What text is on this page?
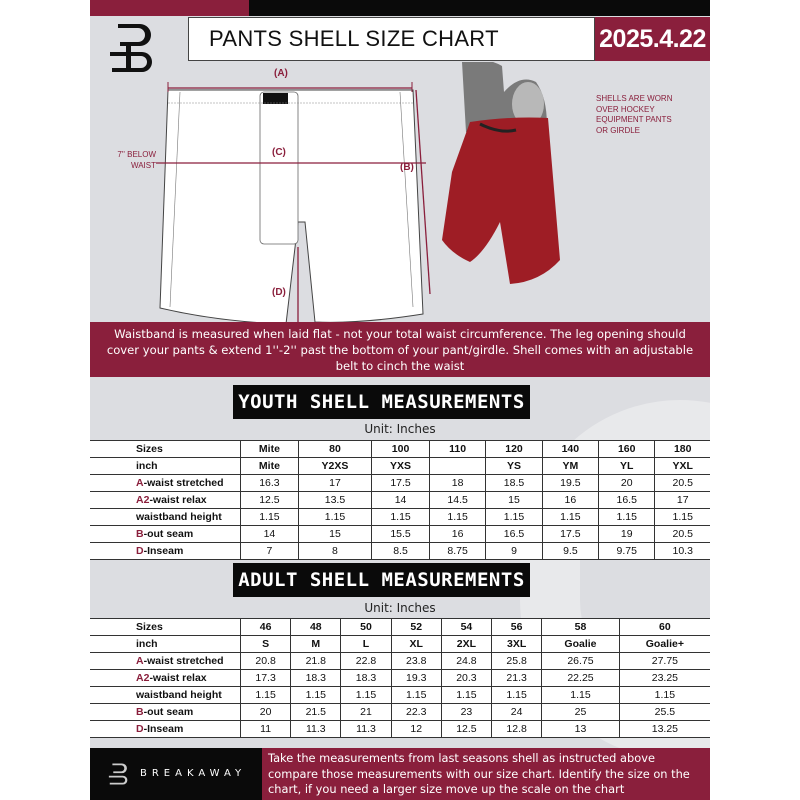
PANTS SHELL SIZE CHART	2025.4.22
(A)
(C)
(B)
(D)
7'' BELOW
WAIST
SHELLS ARE WORN
OVER HOCKEY
EQUIPMENT PANTS
OR GIRDLE
Waistband is measured when laid flat - not your total waist circumference. The leg opening should cover your pants & extend 1''-2'' past the bottom of your pant/girdle. Shell comes with an adjustable belt to cinch the waist
YOUTH SHELL MEASUREMENTS
Unit: Inches
Sizes	Mite	80	100	110	120	140	160	180
inch	Mite	Y2XS	YXS		YS	YM	YL	YXL
A-waist stretched	16.3	17	17.5	18	18.5	19.5	20	20.5
A2-waist relax	12.5	13.5	14	14.5	15	16	16.5	17
waistband height	1.15	1.15	1.15	1.15	1.15	1.15	1.15	1.15
B-out seam	14	15	15.5	16	16.5	17.5	19	20.5
D-Inseam	7	8	8.5	8.75	9	9.5	9.75	10.3
ADULT SHELL MEASUREMENTS
Unit: Inches
Sizes	46	48	50	52	54	56	58	60
inch	S	M	L	XL	2XL	3XL	Goalie	Goalie+
A-waist stretched	20.8	21.8	22.8	23.8	24.8	25.8	26.75	27.75
A2-waist relax	17.3	18.3	18.3	19.3	20.3	21.3	22.25	23.25
waistband height	1.15	1.15	1.15	1.15	1.15	1.15	1.15	1.15
B-out seam	20	21.5	21	22.3	23	24	25	25.5
D-Inseam	11	11.3	11.3	12	12.5	12.8	13	13.25
BREAKAWAY
Take the measurements from last seasons shell as instructed above compare those measurements with our size chart. Identify the size on the chart, if you need a larger size move up the scale on the chart
